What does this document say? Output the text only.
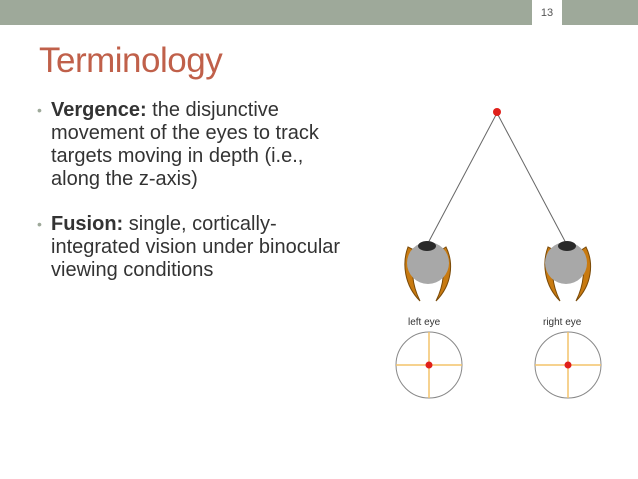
13
Terminology
• Vergence: the disjunctive movement of the eyes to track targets moving in depth (i.e., along the z-axis)
• Fusion: single, cortically-integrated vision under binocular viewing conditions
left eye	right eye
